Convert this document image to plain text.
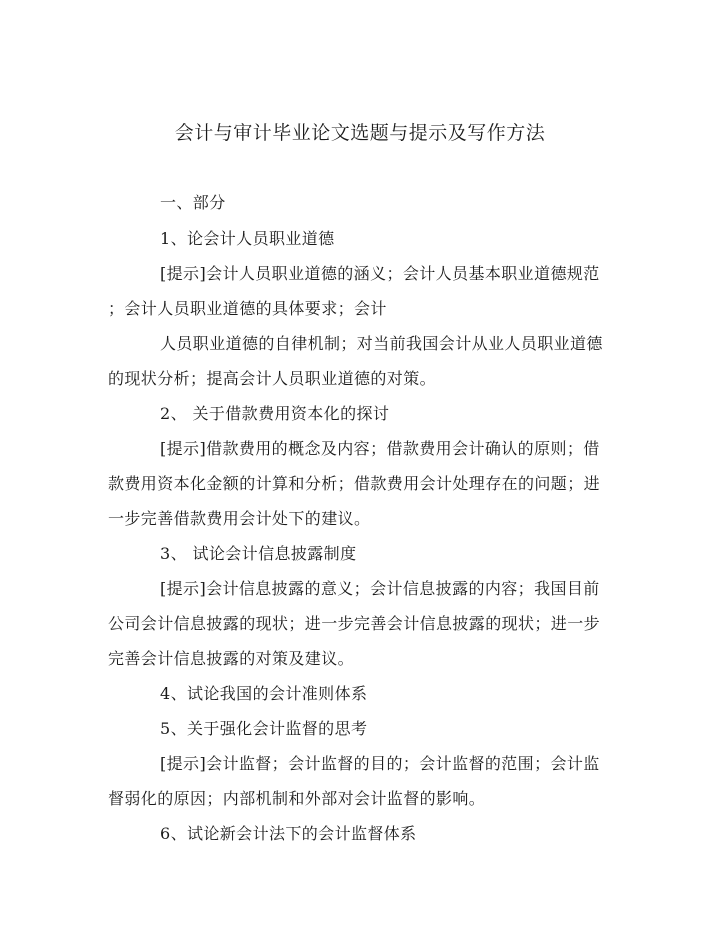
会计与审计毕业论文选题与提示及写作方法
一、部分
1、论会计人员职业道德
[提示]会计人员职业道德的涵义；会计人员基本职业道德规范
；会计人员职业道德的具体要求；会计
人员职业道德的自律机制；对当前我国会计从业人员职业道德
的现状分析；提高会计人员职业道德的对策。
2、 关于借款费用资本化的探讨
[提示]借款费用的概念及内容；借款费用会计确认的原则；借
款费用资本化金额的计算和分析；借款费用会计处理存在的问题；进
一步完善借款费用会计处下的建议。
3、 试论会计信息披露制度
[提示]会计信息披露的意义；会计信息披露的内容；我国目前
公司会计信息披露的现状；进一步完善会计信息披露的现状；进一步
完善会计信息披露的对策及建议。
4、试论我国的会计准则体系
5、关于强化会计监督的思考
[提示]会计监督；会计监督的目的；会计监督的范围；会计监
督弱化的原因；内部机制和外部对会计监督的影响。
6、试论新会计法下的会计监督体系
